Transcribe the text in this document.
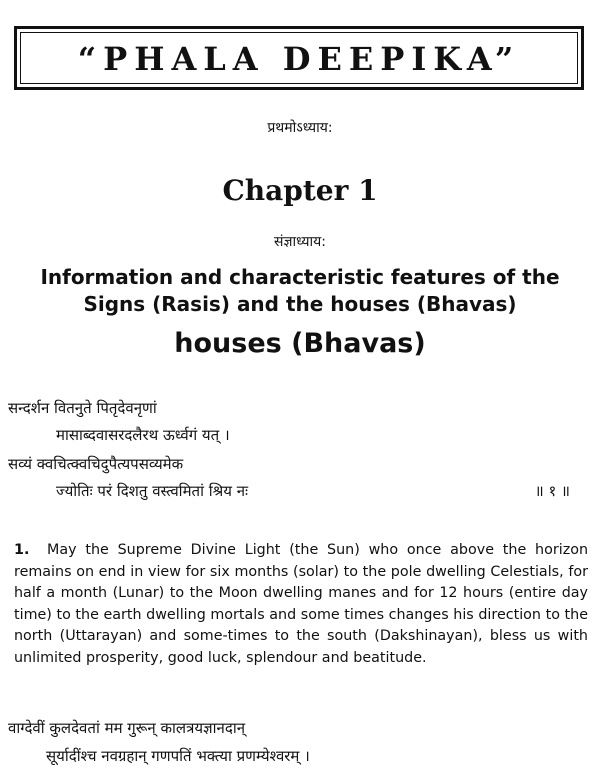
“PHALA DEEPIKA”
प्रथमोऽध्याय:
Chapter 1
संज्ञाध्याय:
Information and characteristic features of the
Signs (Rasis) and the houses (Bhavas)
houses (Bhavas)
सन्दर्शन वितनुते पितृदेवनृणां
मासाब्दवासरदलैरथ ऊर्ध्वगं यत् ।
सव्यं क्वचित्क्वचिदुपैत्यपसव्यमेक
ज्योतिः परं दिशतु वस्त्वमितां श्रिय नः	॥ १ ॥
1. May the Supreme Divine Light (the Sun) who once above the horizon remains on end in view for six months (solar) to the pole dwelling Celestials, for half a month (Lunar) to the Moon dwelling manes and for 12 hours (entire day time) to the earth dwelling mortals and some times changes his direction to the north (Uttarayan) and some-times to the south (Dakshinayan), bless us with unlimited prosperity, good luck, splendour and beatitude.
वाग्देवीं कुलदेवतां मम गुरून् कालत्रयज्ञानदान्
सूर्यादींश्च नवग्रहान् गणपतिं भक्त्या प्रणम्येश्वरम् ।
